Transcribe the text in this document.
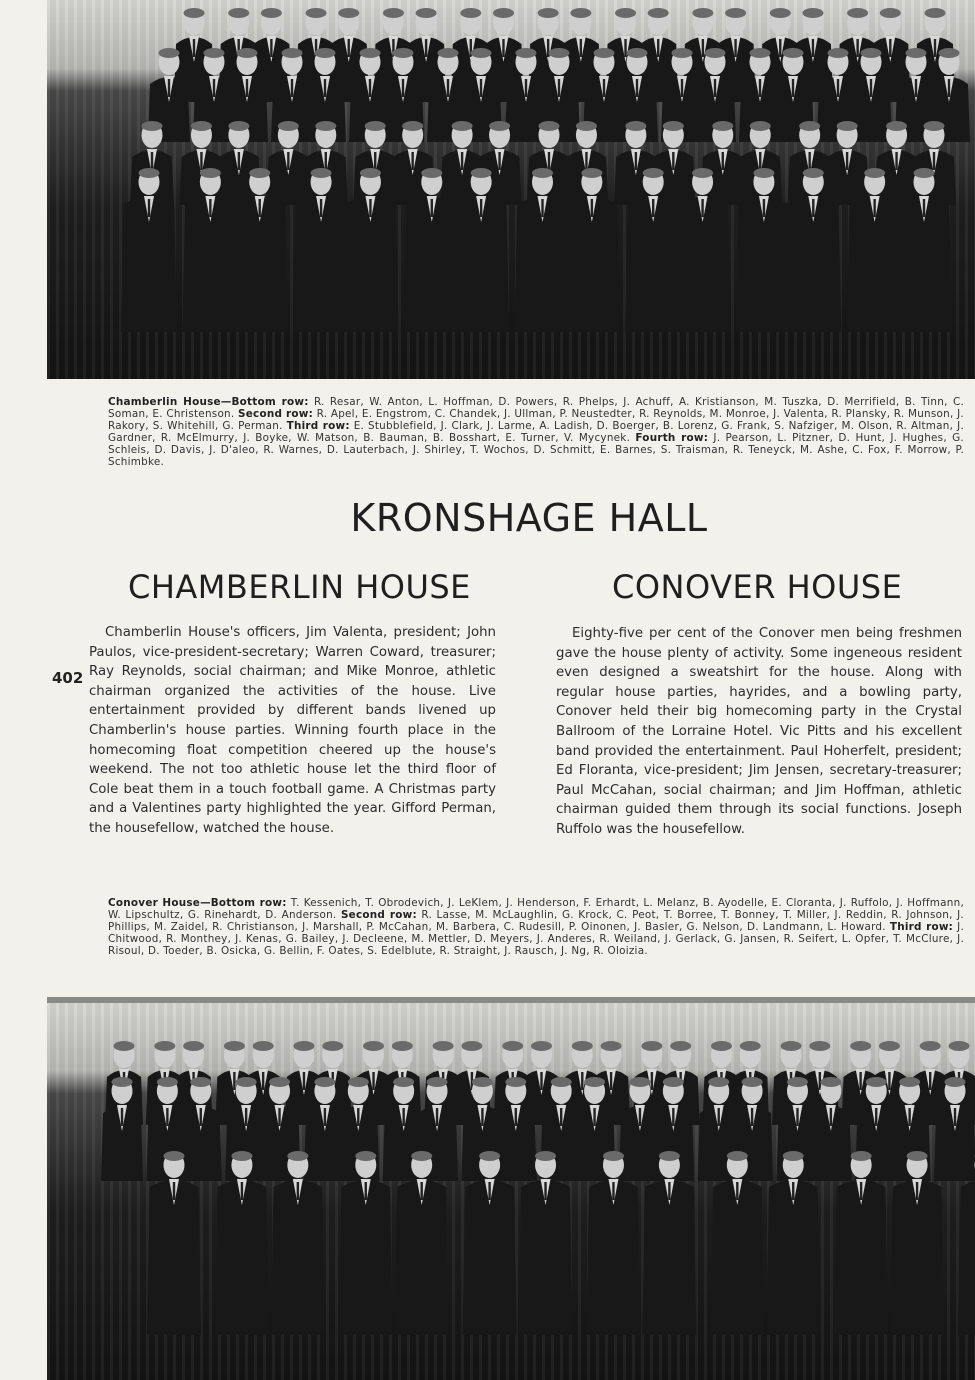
Chamberlin House—Bottom row: R. Resar, W. Anton, L. Hoffman, D. Powers, R. Phelps, J. Achuff, A. Kristianson, M. Tuszka, D. Merrifield, B. Tinn, C. Soman, E. Christenson. Second row: R. Apel, E. Engstrom, C. Chandek, J. Ullman, P. Neustedter, R. Reynolds, M. Monroe, J. Valenta, R. Plansky, R. Munson, J. Rakory, S. Whitehill, G. Perman. Third row: E. Stubblefield, J. Clark, J. Larme, A. Ladish, D. Boerger, B. Lorenz, G. Frank, S. Nafziger, M. Olson, R. Altman, J. Gardner, R. McElmurry, J. Boyke, W. Matson, B. Bauman, B. Bosshart, E. Turner, V. Mycynek. Fourth row: J. Pearson, L. Pitzner, D. Hunt, J. Hughes, G. Schleis, D. Davis, J. D'aleo, R. Warnes, D. Lauterbach, J. Shirley, T. Wochos, D. Schmitt, E. Barnes, S. Traisman, R. Teneyck, M. Ashe, C. Fox, F. Morrow, P. Schimbke.

KRONSHAGE HALL
CHAMBERLIN HOUSE	CONOVER HOUSE

402

Chamberlin House's officers, Jim Valenta, president; John Paulos, vice-president-secretary; Warren Coward, treasurer; Ray Reynolds, social chairman; and Mike Monroe, athletic chairman organized the activities of the house. Live entertainment provided by different bands livened up Chamberlin's house parties. Winning fourth place in the homecoming float competition cheered up the house's weekend. The not too athletic house let the third floor of Cole beat them in a touch football game. A Christmas party and a Valentines party highlighted the year. Gifford Perman, the housefellow, watched the house.

Eighty-five per cent of the Conover men being freshmen gave the house plenty of activity. Some ingeneous resident even designed a sweatshirt for the house. Along with regular house parties, hayrides, and a bowling party, Conover held their big homecoming party in the Crystal Ballroom of the Lorraine Hotel. Vic Pitts and his excellent band provided the entertainment. Paul Hoherfelt, president; Ed Floranta, vice-president; Jim Jensen, secretary-treasurer; Paul McCahan, social chairman; and Jim Hoffman, athletic chairman guided them through its social functions. Joseph Ruffolo was the housefellow.

Conover House—Bottom row: T. Kessenich, T. Obrodevich, J. LeKlem, J. Henderson, F. Erhardt, L. Melanz, B. Ayodelle, E. Cloranta, J. Ruffolo, J. Hoffmann, W. Lipschultz, G. Rinehardt, D. Anderson. Second row: R. Lasse, M. McLaughlin, G. Krock, C. Peot, T. Borree, T. Bonney, T. Miller, J. Reddin, R. Johnson, J. Phillips, M. Zaidel, R. Christianson, J. Marshall, P. McCahan, M. Barbera, C. Rudesill, P. Oinonen, J. Basler, G. Nelson, D. Landmann, L. Howard. Third row: J. Chitwood, R. Monthey, J. Kenas, G. Bailey, J. Decleene, M. Mettler, D. Meyers, J. Anderes, R. Weiland, J. Gerlack, G. Jansen, R. Seifert, L. Opfer, T. McClure, J. Risoul, D. Toeder, B. Osicka, G. Bellin, F. Oates, S. Edelblute, R. Straight, J. Rausch, J. Ng, R. Oloizia.
